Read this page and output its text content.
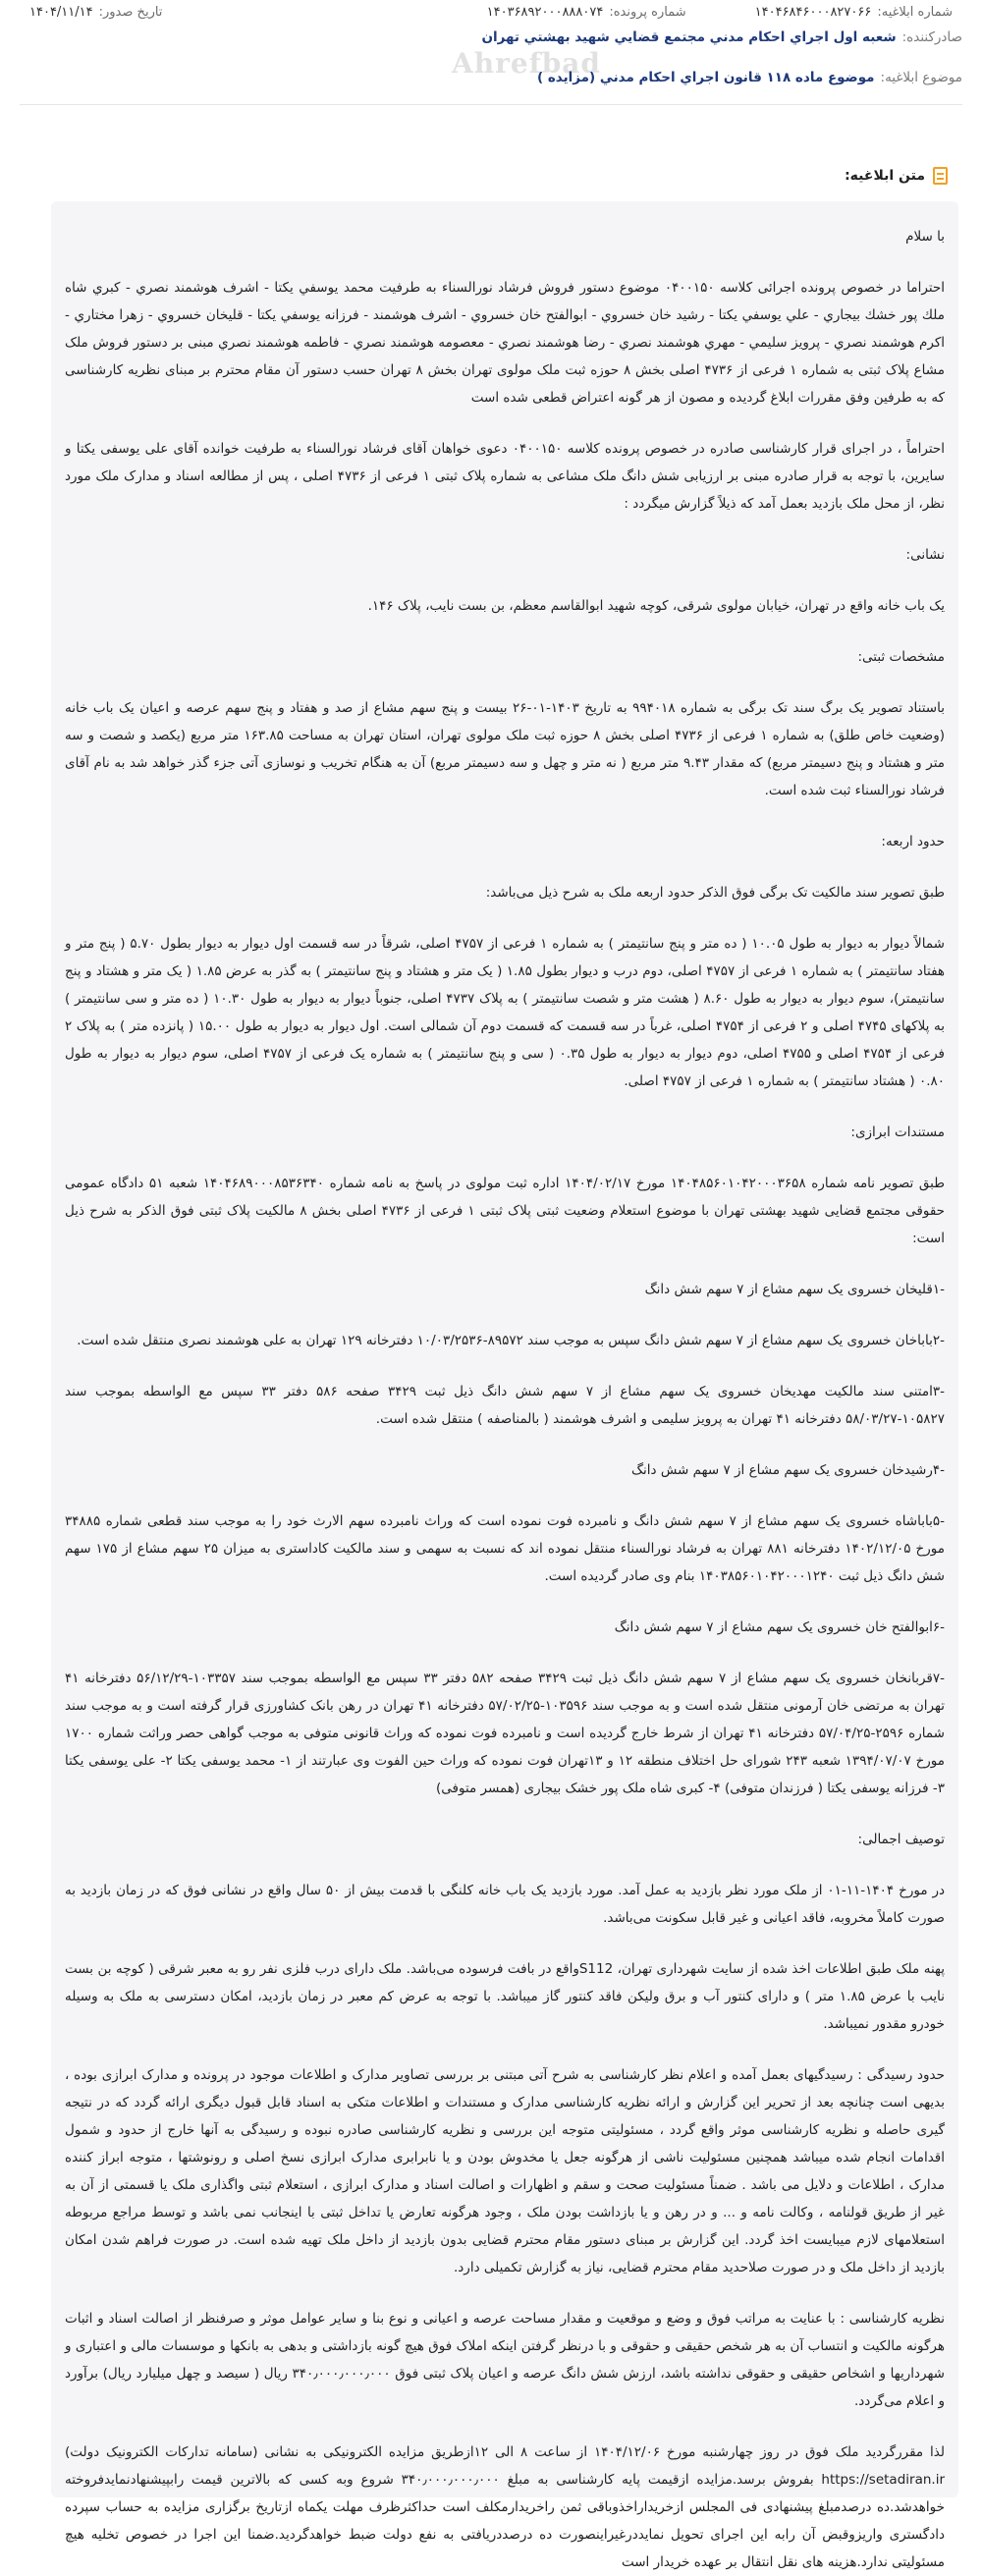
شماره ابلاغیه:۱۴۰۴۶۸۴۶۰۰۰۸۲۷۰۶۶
شماره پرونده:۱۴۰۳۶۸۹۲۰۰۰۸۸۸۰۷۴
تاریخ صدور:۱۴۰۴/۱۱/۱۴
Ahrefbad
صادرکننده:شعبه اول اجراي احكام مدني مجتمع قضايي شهيد بهشتي تهران
موضوع ابلاغیه:موضوع ماده ۱۱۸ قانون اجراي احكام مدني (مزايده )
متن ابلاغیه:

با سلام

احتراما در خصوص پرونده اجرائی کلاسه ۰۴۰۰۱۵۰ موضوع دستور فروش فرشاد نورالسناء به طرفیت محمد يوسفي يكتا - اشرف هوشمند نصري - كبري شاه ملك پور خشك بيجاري - علي يوسفي يكتا - رشيد خان خسروي - ابوالفتح خان خسروي - اشرف هوشمند - فرزانه يوسفي يكتا - قليخان خسروي - زهرا مختاري - اكرم هوشمند نصري - پرويز سليمي - مهري هوشمند نصري - رضا هوشمند نصري - معصومه هوشمند نصري - فاطمه هوشمند نصري مبنی بر دستور فروش ملک مشاع پلاک ثبتی به شماره ۱ فرعی از ۴۷۳۶ اصلی بخش ۸ حوزه ثبت ملک مولوی تهران بخش ۸ تهران حسب دستور آن مقام محترم بر مبنای نظریه کارشناسی که به طرفین وفق مقررات ابلاغ گردیده و مصون از هر گونه اعتراض قطعی شده است

احتراماً ، در اجرای قرار کارشناسی صادره در خصوص پرونده کلاسه ۰۴۰۰۱۵۰ دعوی خواهان آقای فرشاد نورالسناء به طرفیت خوانده آقای علی یوسفی یکتا و سایرین، با توجه به قرار صادره مبنی بر ارزیابی شش دانگ ملک مشاعی به شماره پلاک ثبتی ۱ فرعی از ۴۷۳۶ اصلی ، پس از مطالعه اسناد و مدارک ملک مورد نظر، از محل ملک بازدید بعمل آمد که ذیلاً گزارش میگردد :

نشانی:

یک باب خانه واقع در تهران، خیابان مولوی شرقی، کوچه شهید ابوالقاسم معظم، بن بست نایب، پلاک ۱۴۶.

مشخصات ثبتی:

باستناد تصویر یک برگ سند تک برگی به شماره ۹۹۴۰۱۸ به تاریخ ۱۴۰۳-۰۱-۲۶ بیست و پنج سهم مشاع از صد و هفتاد و پنج سهم عرصه و اعیان یک باب خانه (وضعیت خاص طلق) به شماره ۱ فرعی از ۴۷۳۶ اصلی بخش ۸ حوزه ثبت ملک مولوی تهران، استان تهران به مساحت ۱۶۳.۸۵ متر مربع (یکصد و شصت و سه متر و هشتاد و پنج دسیمتر مربع) که مقدار ۹.۴۳ متر مربع ( نه متر و چهل و سه دسیمتر مربع) آن به هنگام تخریب و نوسازی آتی جزء گذر خواهد شد به نام آقای فرشاد نورالسناء ثبت شده است.

حدود اربعه:

طبق تصویر سند مالکیت تک برگی فوق الذکر حدود اربعه ملک به شرح ذیل می‌باشد:

شمالاً دیوار به دیوار به طول ۱۰.۰۵ ( ده متر و پنج سانتیمتر ) به شماره ۱ فرعی از ۴۷۵۷ اصلی، شرقاً در سه قسمت اول دیوار به دیوار بطول ۵.۷۰ ( پنج متر و هفتاد سانتیمتر ) به شماره ۱ فرعی از ۴۷۵۷ اصلی، دوم درب و دیوار بطول ۱.۸۵ ( یک متر و هشتاد و پنج سانتیمتر ) به گذر به عرض ۱.۸۵ ( یک متر و هشتاد و پنج سانتیمتر)، سوم دیوار به دیوار به طول ۸.۶۰ ( هشت متر و شصت سانتیمتر ) به پلاک ۴۷۳۷ اصلی، جنوباً دیوار به دیوار به طول ۱۰.۳۰ ( ده متر و سی سانتیمتر ) به پلاکهای ۴۷۴۵ اصلی و ۲ فرعی از ۴۷۵۴ اصلی، غرباً در سه قسمت که قسمت دوم آن شمالی است. اول دیوار به دیوار به طول ۱۵.۰۰ ( پانزده متر ) به پلاک ۲ فرعی از ۴۷۵۴ اصلی و ۴۷۵۵ اصلی، دوم دیوار به دیوار به طول ۰.۳۵ ( سی و پنج سانتیمتر ) به شماره یک فرعی از ۴۷۵۷ اصلی، سوم دیوار به دیوار به طول ۰.۸۰ ( هشتاد سانتیمتر ) به شماره ۱ فرعی از ۴۷۵۷ اصلی.

مستندات ابرازی:

طبق تصویر نامه شماره ۱۴۰۴۸۵۶۰۱۰۴۲۰۰۰۳۶۵۸ مورخ ۱۴۰۴/۰۲/۱۷ اداره ثبت مولوی در پاسخ به نامه شماره ۱۴۰۴۶۸۹۰۰۰۸۵۳۶۳۴۰ شعبه ۵۱ دادگاه عمومی حقوقی مجتمع قضایی شهید بهشتی تهران با موضوع استعلام وضعیت ثبتی پلاک ثبتی ۱ فرعی از ۴۷۳۶ اصلی بخش ۸ مالکیت پلاک ثبتی فوق الذکر به شرح ذیل است:

-۱قلیخان خسروی یک سهم مشاع از ۷ سهم شش دانگ

-۲بابا‌خان خسروی یک سهم مشاع از ۷ سهم شش دانگ سپس به موجب سند ۸۹۵۷۲-۱۰/۰۳/۲۵۳۶ دفترخانه ۱۲۹ تهران به علی هوشمند نصری منتقل شده است.

-۳امتنی سند مالکیت مهدیخان خسروی یک سهم مشاع از ۷ سهم شش دانگ ذیل ثبت ۳۴۲۹ صفحه ۵۸۶ دفتر ۳۳ سپس مع الواسطه بموجب سند ۱۰۵۸۲۷-۵۸/۰۳/۲۷ دفترخانه ۴۱ تهران به پرویز سلیمی و اشرف هوشمند ( بالمناصفه ) منتقل شده است.

-۴رشیدخان خسروی یک سهم مشاع از ۷ سهم شش دانگ

-۵باباشاه خسروی یک سهم مشاع از ۷ سهم شش دانگ و نامبرده فوت نموده است که وراث نامبرده سهم الارث خود را به موجب سند قطعی شماره ۳۴۸۸۵ مورخ ۱۴۰۲/۱۲/۰۵ دفترخانه ۸۸۱ تهران به فرشاد نورالسناء منتقل نموده اند که نسبت به سهمی و سند مالکیت کاداستری به میزان ۲۵ سهم مشاع از ۱۷۵ سهم شش دانگ ذیل ثبت ۱۴۰۳۸۵۶۰۱۰۴۲۰۰۰۱۲۴۰ بنام وی صادر گردیده است.

-۶ابوالفتح خان خسروی یک سهم مشاع از ۷ سهم شش دانگ

-۷قربانخان خسروی یک سهم مشاع از ۷ سهم شش دانگ ذیل ثبت ۳۴۲۹ صفحه ۵۸۲ دفتر ۳۳ سپس مع الواسطه بموجب سند ۱۰۳۳۵۷-۵۶/۱۲/۲۹ دفترخانه ۴۱ تهران به مرتضی خان آرمونی منتقل شده است و به موجب سند ۱۰۳۵۹۶-۵۷/۰۲/۲۵ دفترخانه ۴۱ تهران در رهن بانک کشاورزی قرار گرفته است و به موجب سند شماره ۲۵۹۶-۵۷/۰۴/۲۵ دفترخانه ۴۱ تهران از شرط خارج گردیده است و نامبرده فوت نموده که وراث قانونی متوفی به موجب گواهی حصر وراثت شماره ۱۷۰۰ مورخ ۱۳۹۴/۰۷/۰۷ شعبه ۲۴۳ شورای حل اختلاف منطقه ۱۲ و ۱۳تهران فوت نموده که وراث حین الفوت وی عبارتند از ۱- محمد یوسفی یکتا ۲- علی یوسفی یکتا ۳- فرزانه یوسفی یکتا ( فرزندان متوفی) ۴- کبری شاه ملک پور خشک بیجاری (همسر متوفی)

توصیف اجمالی:

در مورخ ۱۴۰۴-۱۱-۰۱ از ملک مورد نظر بازدید به عمل آمد. مورد بازدید یک باب خانه کلنگی با قدمت بیش از ۵۰ سال واقع در نشانی فوق که در زمان بازدید به صورت کاملاً مخروبه، فاقد اعیانی و غیر قابل سکونت می‌باشد.

پهنه ملک طبق اطلاعات اخذ شده از سایت شهرداری تهران، S112واقع در بافت فرسوده می‌باشد. ملک دارای درب فلزی نفر رو به معبر شرقی ( کوچه بن بست نایب با عرض ۱.۸۵ متر ) و دارای کنتور آب و برق ولیکن فاقد کنتور گاز میباشد. با توجه به عرض کم معبر در زمان بازدید، امکان دسترسی به ملک به وسیله خودرو مقدور نمیباشد.

حدود رسیدگی : رسیدگیهای بعمل آمده و اعلام نظر کارشناسی به شرح آتی مبتنی بر بررسی تصاویر مدارک و اطلاعات موجود در پرونده و مدارک ابرازی بوده ، بدیهی است چنانچه بعد از تحریر این گزارش و ارائه نظریه کارشناسی مدارک و مستندات و اطلاعات متکی به اسناد قابل قبول دیگری ارائه گردد که در نتیجه گیری حاصله و نظریه کارشناسی موثر واقع گردد ، مسئولیتی متوجه این بررسی و نظریه کارشناسی صادره نبوده و رسیدگی به آنها خارج از حدود و شمول اقدامات انجام شده میباشد همچنین مسئولیت ناشی از هرگونه جعل یا مخدوش بودن و یا نابرابری مدارک ابرازی نسخ اصلی و رونوشتها ، متوجه ابراز کننده مدارک ، اطلاعات و دلایل می باشد . ضمناً مسئولیت صحت و سقم و اظهارات و اصالت اسناد و مدارک ابرازی ، استعلام ثبتی واگذاری ملک یا قسمتی از آن به غیر از طریق قولنامه ، وکالت نامه و ... و در رهن و یا بازداشت بودن ملک ، وجود هرگونه تعارض یا تداخل ثبتی با اینجانب نمی باشد و توسط مراجع مربوطه استعلامهای لازم میبایست اخذ گردد. این گزارش بر مبنای دستور مقام محترم قضایی بدون بازدید از داخل ملک تهیه شده است. در صورت فراهم شدن امکان بازدید از داخل ملک و در صورت صلاحدید مقام محترم قضایی، نیاز به گزارش تکمیلی دارد.

نظریه کارشناسی : با عنایت به مراتب فوق و وضع و موقعیت و مقدار مساحت عرصه و اعیانی و نوع بنا و سایر عوامل موثر و صرفنظر از اصالت اسناد و اثبات هرگونه مالکیت و انتساب آن به هر شخص حقیقی و حقوقی و با درنظر گرفتن اینکه املاک فوق هیچ گونه بازداشتی و بدهی به بانکها و موسسات مالی و اعتباری و شهرداریها و اشخاص حقیقی و حقوقی نداشته باشد، ارزش شش دانگ عرصه و اعیان پلاک ثبتی فوق ۳۴۰٫۰۰۰٫۰۰۰٫۰۰۰ ریال ( سیصد و چهل میلیارد ریال) برآورد و اعلام می‌گردد.

لذا مقررگردید ملک فوق در روز چهارشنبه مورخ ۱۴۰۴/۱۲/۰۶ از ساعت ۸ الی ۱۲ازطریق مزایده الکترونیکی به نشانی (سامانه تدارکات الکترونیک دولت) https://setadiran.ir بفروش برسد.مزایده ازقیمت پایه کارشناسی به مبلغ ۳۴۰٫۰۰۰٫۰۰۰٫۰۰۰ شروع وبه کسی که بالاترین قیمت رابپیشنهادنمایدفروخته خواهدشد.ده درصدمبلغ پیشنهادی فی المجلس ازخریداراخذوباقی ثمن راخریدارمکلف است حداکثرظرف مهلت یکماه ازتاریخ برگزاری مزایده به حساب سپرده دادگستری واریزوقبض آن رابه این اجرای تحویل نمایددرغیراینصورت ده درصددریافتی به نفع دولت ضبط خواهدگردید.ضمنا این اجرا در خصوص تخلیه هیچ مسئولیتی ندارد.هزینه های نقل انتقال بر عهده خریدار است
